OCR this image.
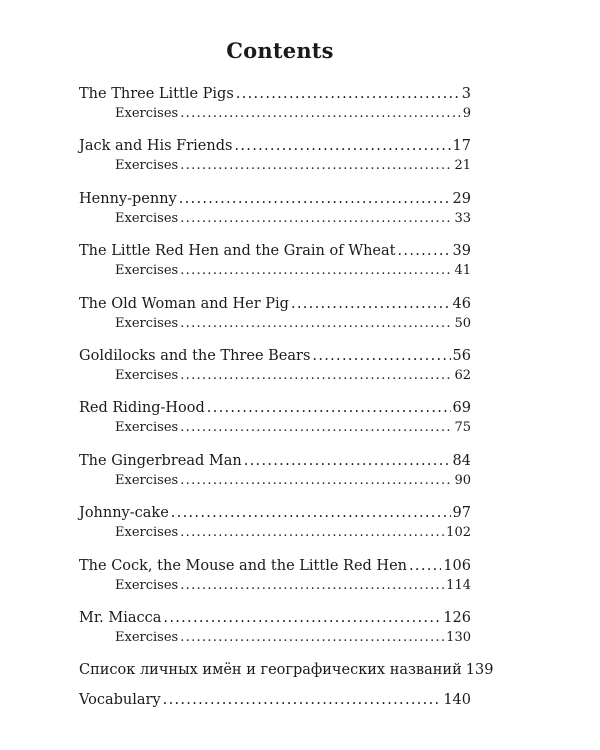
Contents
The Three Little Pigs .....	3
Exercises .....	9
Jack and His Friends .....	17
Exercises .....	21
Henny-penny .....	29
Exercises .....	33
The Little Red Hen and the Grain of Wheat .....	39
Exercises .....	41
The Old Woman and Her Pig .....	46
Exercises .....	50
Goldilocks and the Three Bears .....	56
Exercises .....	62
Red Riding-Hood .....	69
Exercises .....	75
The Gingerbread Man .....	84
Exercises .....	90
Johnny-cake .....	97
Exercises .....	102
The Cock, the Mouse and the Little Red Hen .....	106
Exercises .....	114
Mr. Miacca .....	126
Exercises .....	130
Список личных имён и географических названий 139
Vocabulary .....	140
